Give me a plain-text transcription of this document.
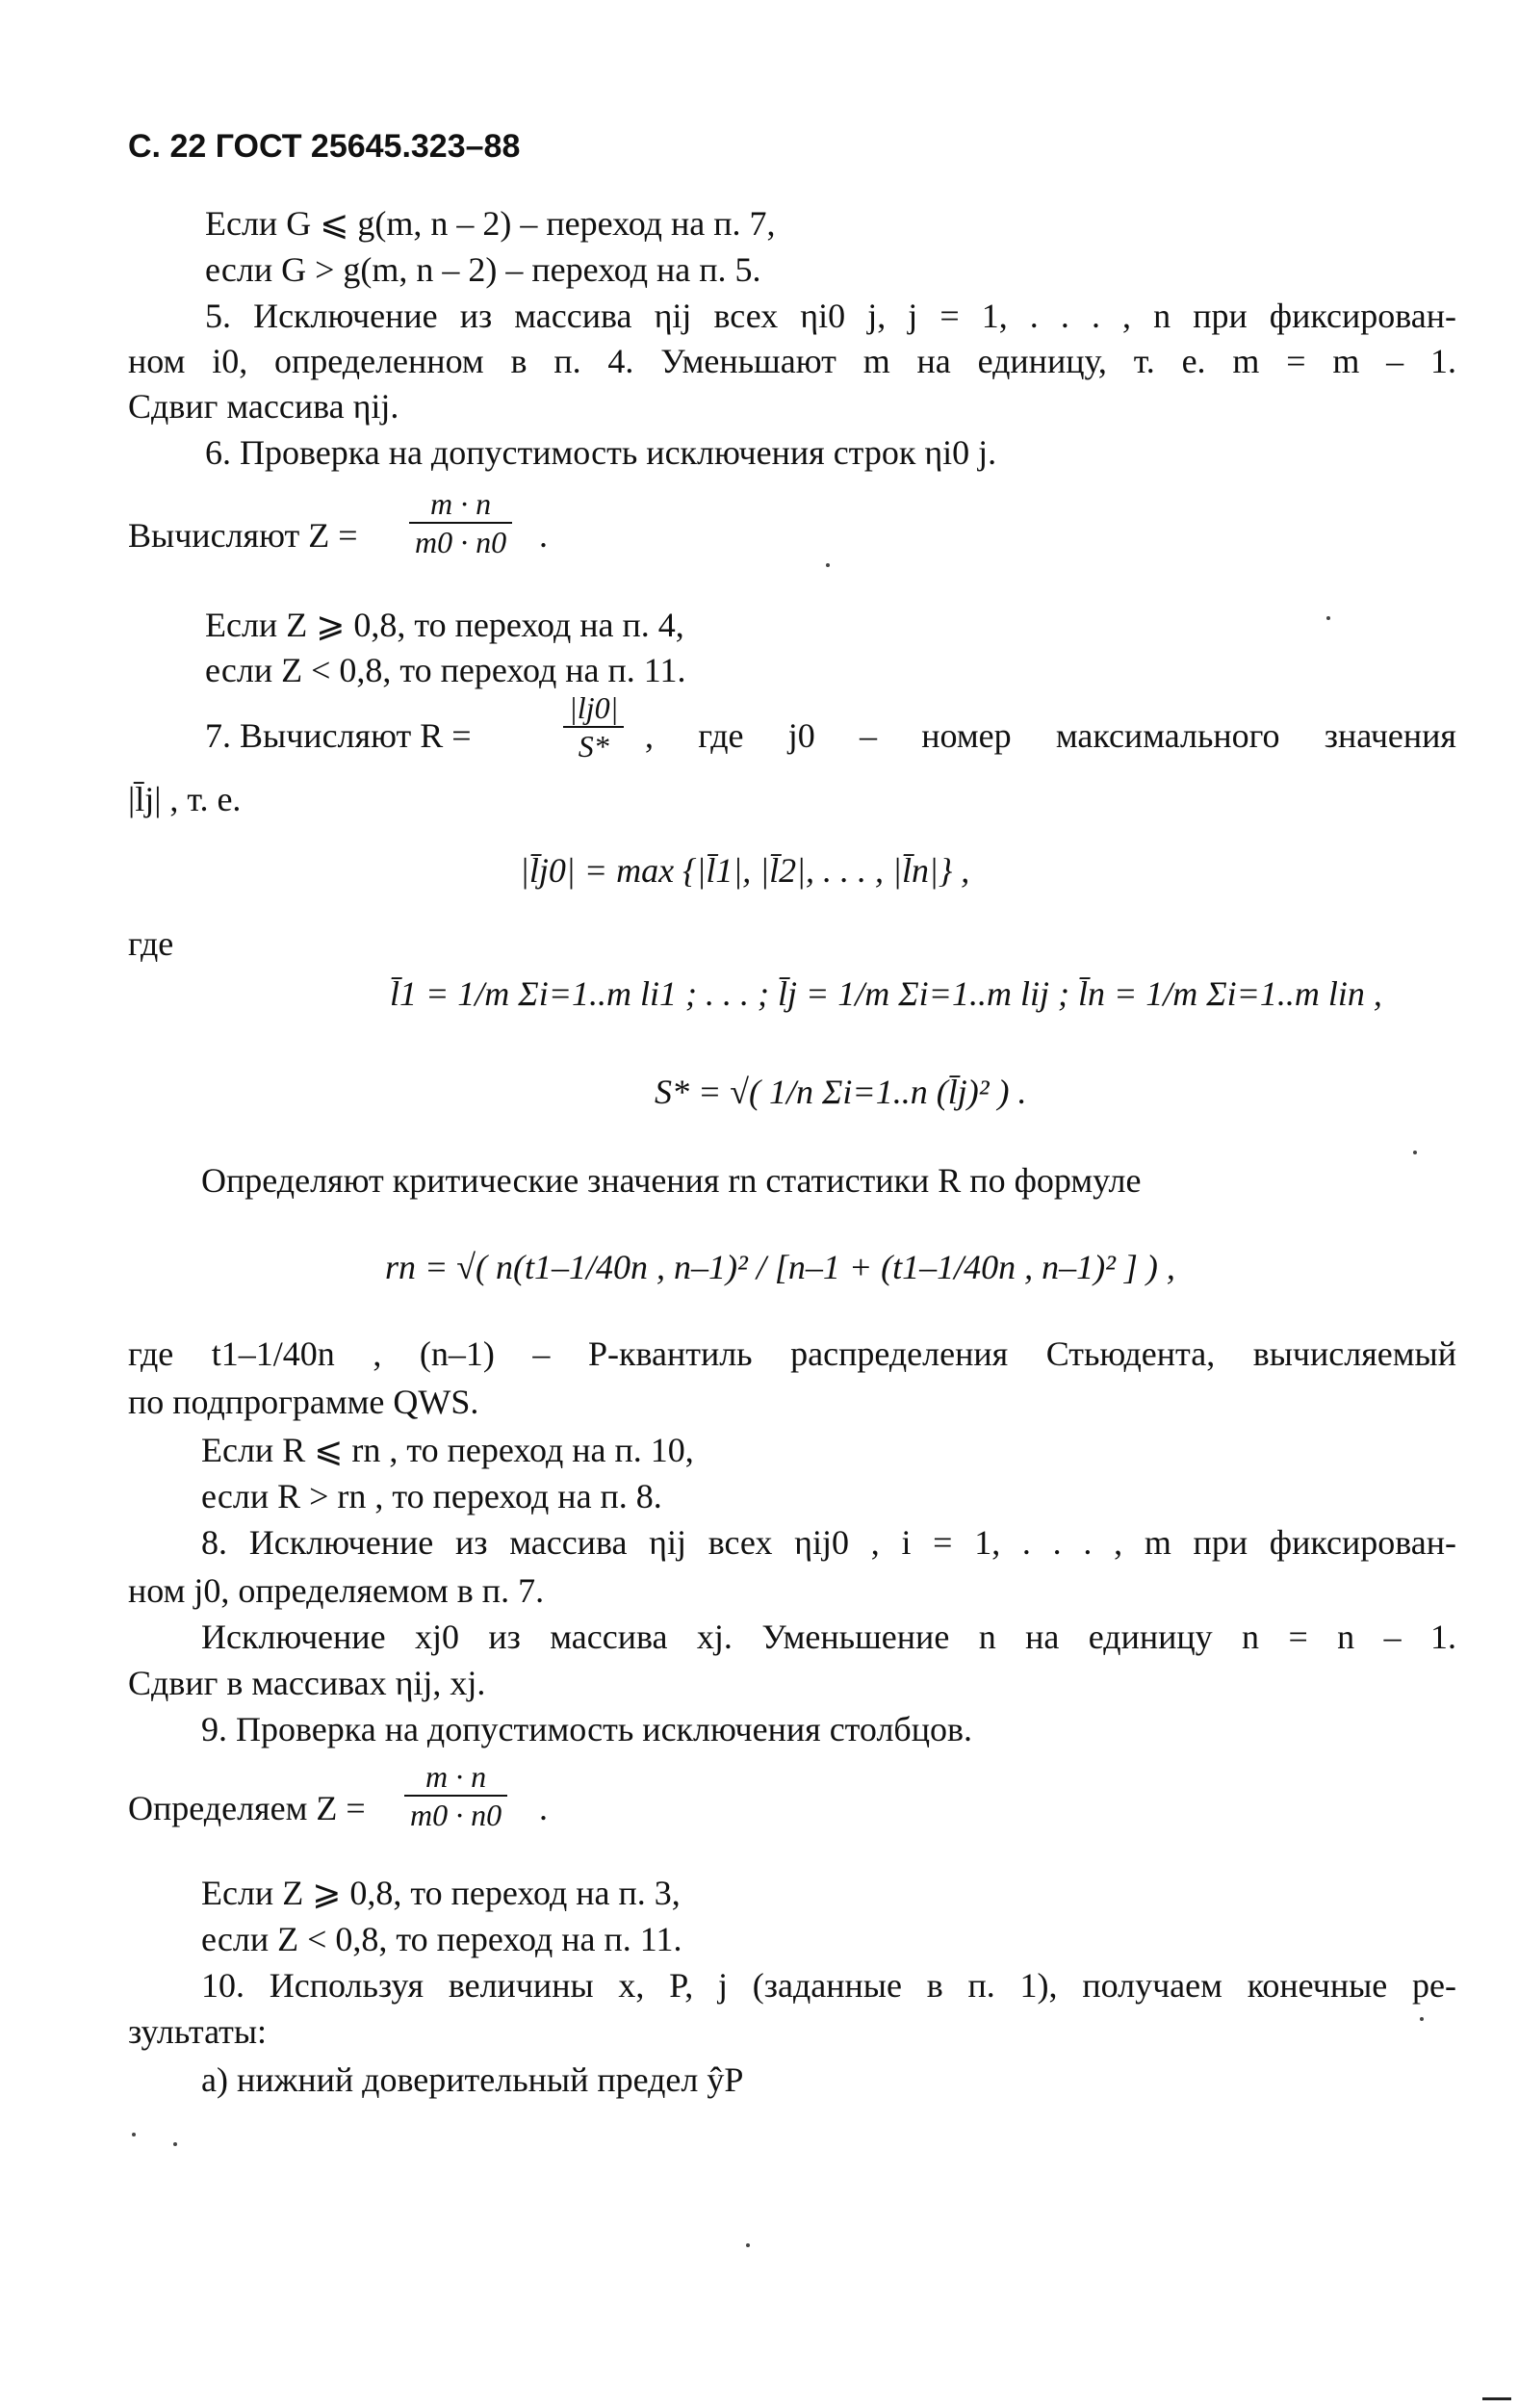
С. 22 ГОСТ 25645.323–88
Если G ⩽ g(m, n – 2) – переход на п. 7,
если G > g(m, n – 2) – переход на п. 5.
5. Исключение из массива ηij всех ηi0 j, j = 1, . . . , n при фиксирован-
ном i0, определенном в п. 4. Уменьшают m на единицу, т. е. m = m – 1.
Сдвиг массива ηij.
6. Проверка на допустимость исключения строк ηi0 j.
Вычисляют $Z = \frac{m \cdot n}{m0 \cdot n0}$ .
Если Z ⩾ 0,8, то переход на п. 4,
если Z < 0,8, то переход на п. 11.
7. Вычисляют R =	$\frac{|lj0|}{S*}$ , где j0 – номер максимального значения
|l̄j| , т. е.
|l̄j0| = max {|l̄1|, |l̄2|, . . . , |l̄n|} ,
где
l̄1 = 1/m Σi=1..m li1 ; . . . ; l̄j = 1/m Σi=1..m lij ; l̄n = 1/m Σi=1..m lin ,
S* = √( 1/n Σi=1..n (l̄j)² ) .
Определяют критические значения rn статистики R по формуле
rn = √( n(t1–1/40n , n–1)² / [n–1 + (t1–1/40n , n–1)² ] ) ,
где t1–1/40n , (n–1) – P-квантиль распределения Стьюдента, вычисляемый
по подпрограмме QWS.
Если R ⩽ rn , то переход на п. 10,
если R > rn , то переход на п. 8.
8. Исключение из массива ηij всех ηij0 , i = 1, . . . , m при фиксирован-
ном j0, определяемом в п. 7.
Исключение xj0 из массива xj. Уменьшение n на единицу n = n – 1.
Сдвиг в массивах ηij, xj.
9. Проверка на допустимость исключения столбцов.
Определяем $Z = \frac{m \cdot n}{m0 \cdot n0}$ .
Если Z ⩾ 0,8, то переход на п. 3,
если Z < 0,8, то переход на п. 11.
10. Используя величины x, P, j (заданные в п. 1), получаем конечные ре-
зультаты:
а) нижний доверительный предел ŷP
